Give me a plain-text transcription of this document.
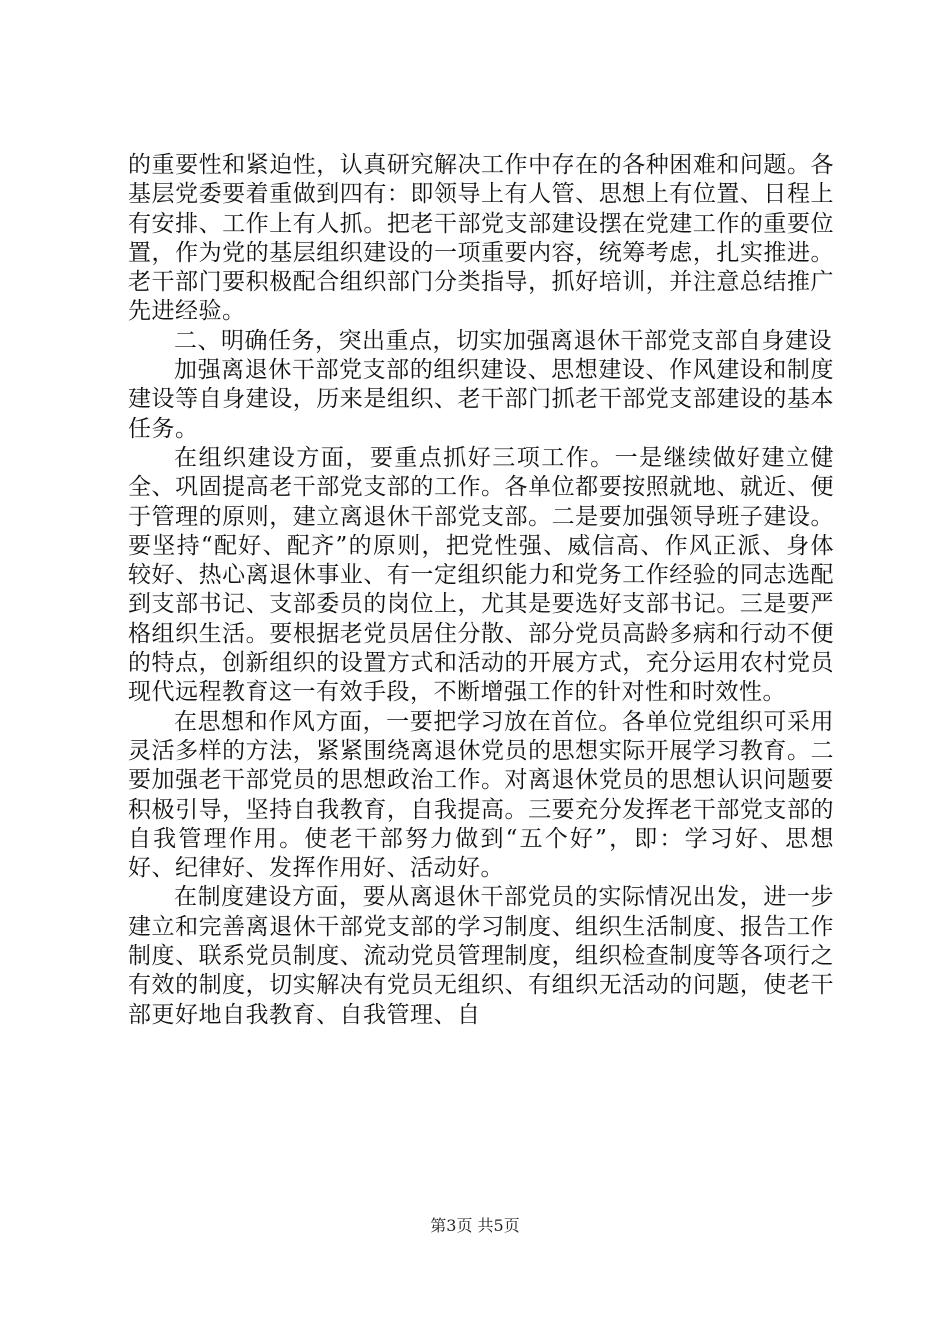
的重要性和紧迫性，认真研究解决工作中存在的各种困难和问题。各基层党委要着重做到四有：即领导上有人管、思想上有位置、日程上有安排、工作上有人抓。把老干部党支部建设摆在党建工作的重要位置，作为党的基层组织建设的一项重要内容，统筹考虑，扎实推进。老干部门要积极配合组织部门分类指导，抓好培训，并注意总结推广先进经验。

二、明确任务，突出重点，切实加强离退休干部党支部自身建设

加强离退休干部党支部的组织建设、思想建设、作风建设和制度建设等自身建设，历来是组织、老干部门抓老干部党支部建设的基本任务。

在组织建设方面，要重点抓好三项工作。一是继续做好建立健全、巩固提高老干部党支部的工作。各单位都要按照就地、就近、便于管理的原则，建立离退休干部党支部。二是要加强领导班子建设。要坚持“配好、配齐”的原则，把党性强、威信高、作风正派、身体较好、热心离退休事业、有一定组织能力和党务工作经验的同志选配到支部书记、支部委员的岗位上，尤其是要选好支部书记。三是要严格组织生活。要根据老党员居住分散、部分党员高龄多病和行动不便的特点，创新组织的设置方式和活动的开展方式，充分运用农村党员现代远程教育这一有效手段，不断增强工作的针对性和时效性。

在思想和作风方面，一要把学习放在首位。各单位党组织可采用灵活多样的方法，紧紧围绕离退休党员的思想实际开展学习教育。二要加强老干部党员的思想政治工作。对离退休党员的思想认识问题要积极引导，坚持自我教育，自我提高。三要充分发挥老干部党支部的自我管理作用。使老干部努力做到“五个好”，即：学习好、思想好、纪律好、发挥作用好、活动好。

在制度建设方面，要从离退休干部党员的实际情况出发，进一步建立和完善离退休干部党支部的学习制度、组织生活制度、报告工作制度、联系党员制度、流动党员管理制度，组织检查制度等各项行之有效的制度，切实解决有党员无组织、有组织无活动的问题，使老干部更好地自我教育、自我管理、自

第3页 共5页
